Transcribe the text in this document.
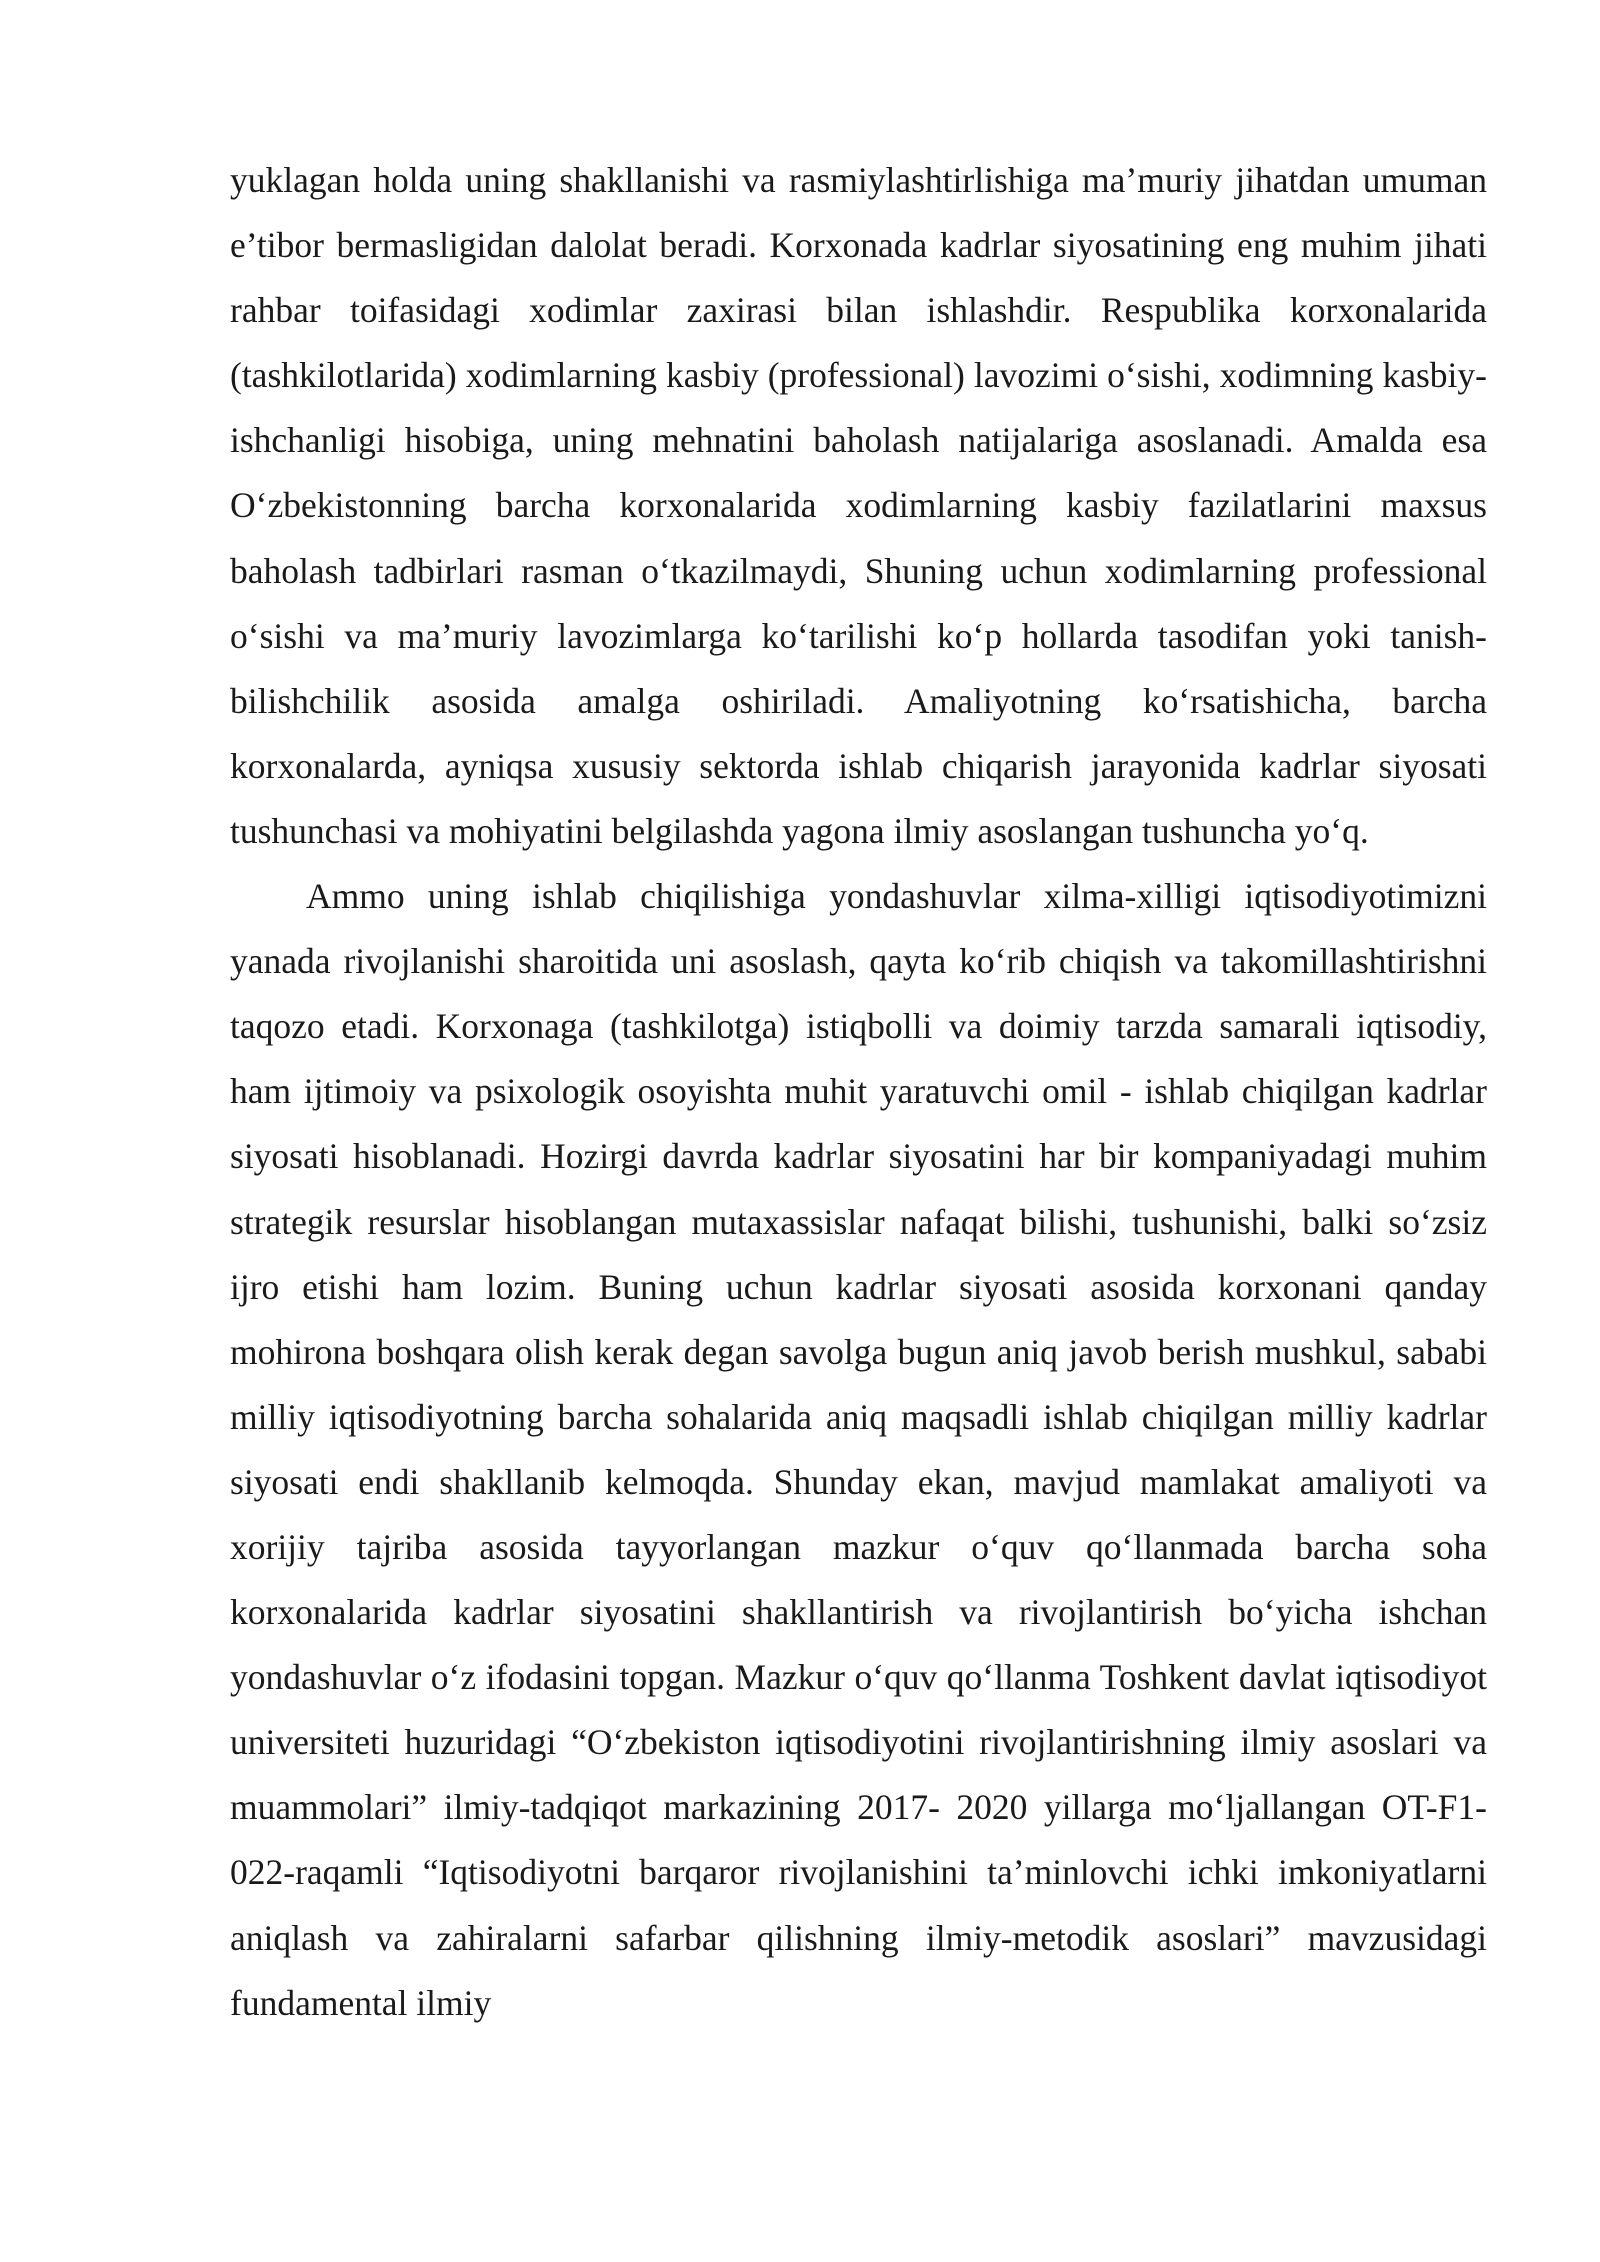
yuklagan holda uning shakllanishi va rasmiylashtirlishiga ma’muriy jihatdan umuman e’tibor bermasligidan dalolat beradi. Korxonada kadrlar siyosatining eng muhim jihati rahbar toifasidagi xodimlar zaxirasi bilan ishlashdir. Respublika korxonalarida (tashkilotlarida) xodimlarning kasbiy (professional) lavozimi o‘sishi, xodimning kasbiy-ishchanligi hisobiga, uning mehnatini baholash natijalariga asoslanadi. Amalda esa O‘zbekistonning barcha korxonalarida xodimlarning kasbiy fazilatlarini maxsus baholash tadbirlari rasman o‘tkazilmaydi, Shuning uchun xodimlarning professional o‘sishi va ma’muriy lavozimlarga ko‘tarilishi ko‘p hollarda tasodifan yoki tanish-bilishchilik asosida amalga oshiriladi. Amaliyotning ko‘rsatishicha, barcha korxonalarda, ayniqsa xususiy sektorda ishlab chiqarish jarayonida kadrlar siyosati tushunchasi va mohiyatini belgilashda yagona ilmiy asoslangan tushuncha yo‘q.

Ammo uning ishlab chiqilishiga yondashuvlar xilma-xilligi iqtisodiyotimizni yanada rivojlanishi sharoitida uni asoslash, qayta ko‘rib chiqish va takomillashtirishni taqozo etadi. Korxonaga (tashkilotga) istiqbolli va doimiy tarzda samarali iqtisodiy, ham ijtimoiy va psixologik osoyishta muhit yaratuvchi omil - ishlab chiqilgan kadrlar siyosati hisoblanadi. Hozirgi davrda kadrlar siyosatini har bir kompaniyadagi muhim strategik resurslar hisoblangan mutaxassislar nafaqat bilishi, tushunishi, balki so‘zsiz ijro etishi ham lozim. Buning uchun kadrlar siyosati asosida korxonani qanday mohirona boshqara olish kerak degan savolga bugun aniq javob berish mushkul, sababi milliy iqtisodiyotning barcha sohalarida aniq maqsadli ishlab chiqilgan milliy kadrlar siyosati endi shakllanib kelmoqda. Shunday ekan, mavjud mamlakat amaliyoti va xorijiy tajriba asosida tayyorlangan mazkur o‘quv qo‘llanmada barcha soha korxonalarida kadrlar siyosatini shakllantirish va rivojlantirish bo‘yicha ishchan yondashuvlar o‘z ifodasini topgan. Mazkur o‘quv qo‘llanma Toshkent davlat iqtisodiyot universiteti huzuridagi “O‘zbekiston iqtisodiyotini rivojlantirishning ilmiy asoslari va muammolari” ilmiy-tadqiqot markazining 2017- 2020 yillarga mo‘ljallangan OT-F1-022-raqamli “Iqtisodiyotni barqaror rivojlanishini ta’minlovchi ichki imkoniyatlarni aniqlash va zahiralarni safarbar qilishning ilmiy-metodik asoslari” mavzusidagi fundamental ilmiy
